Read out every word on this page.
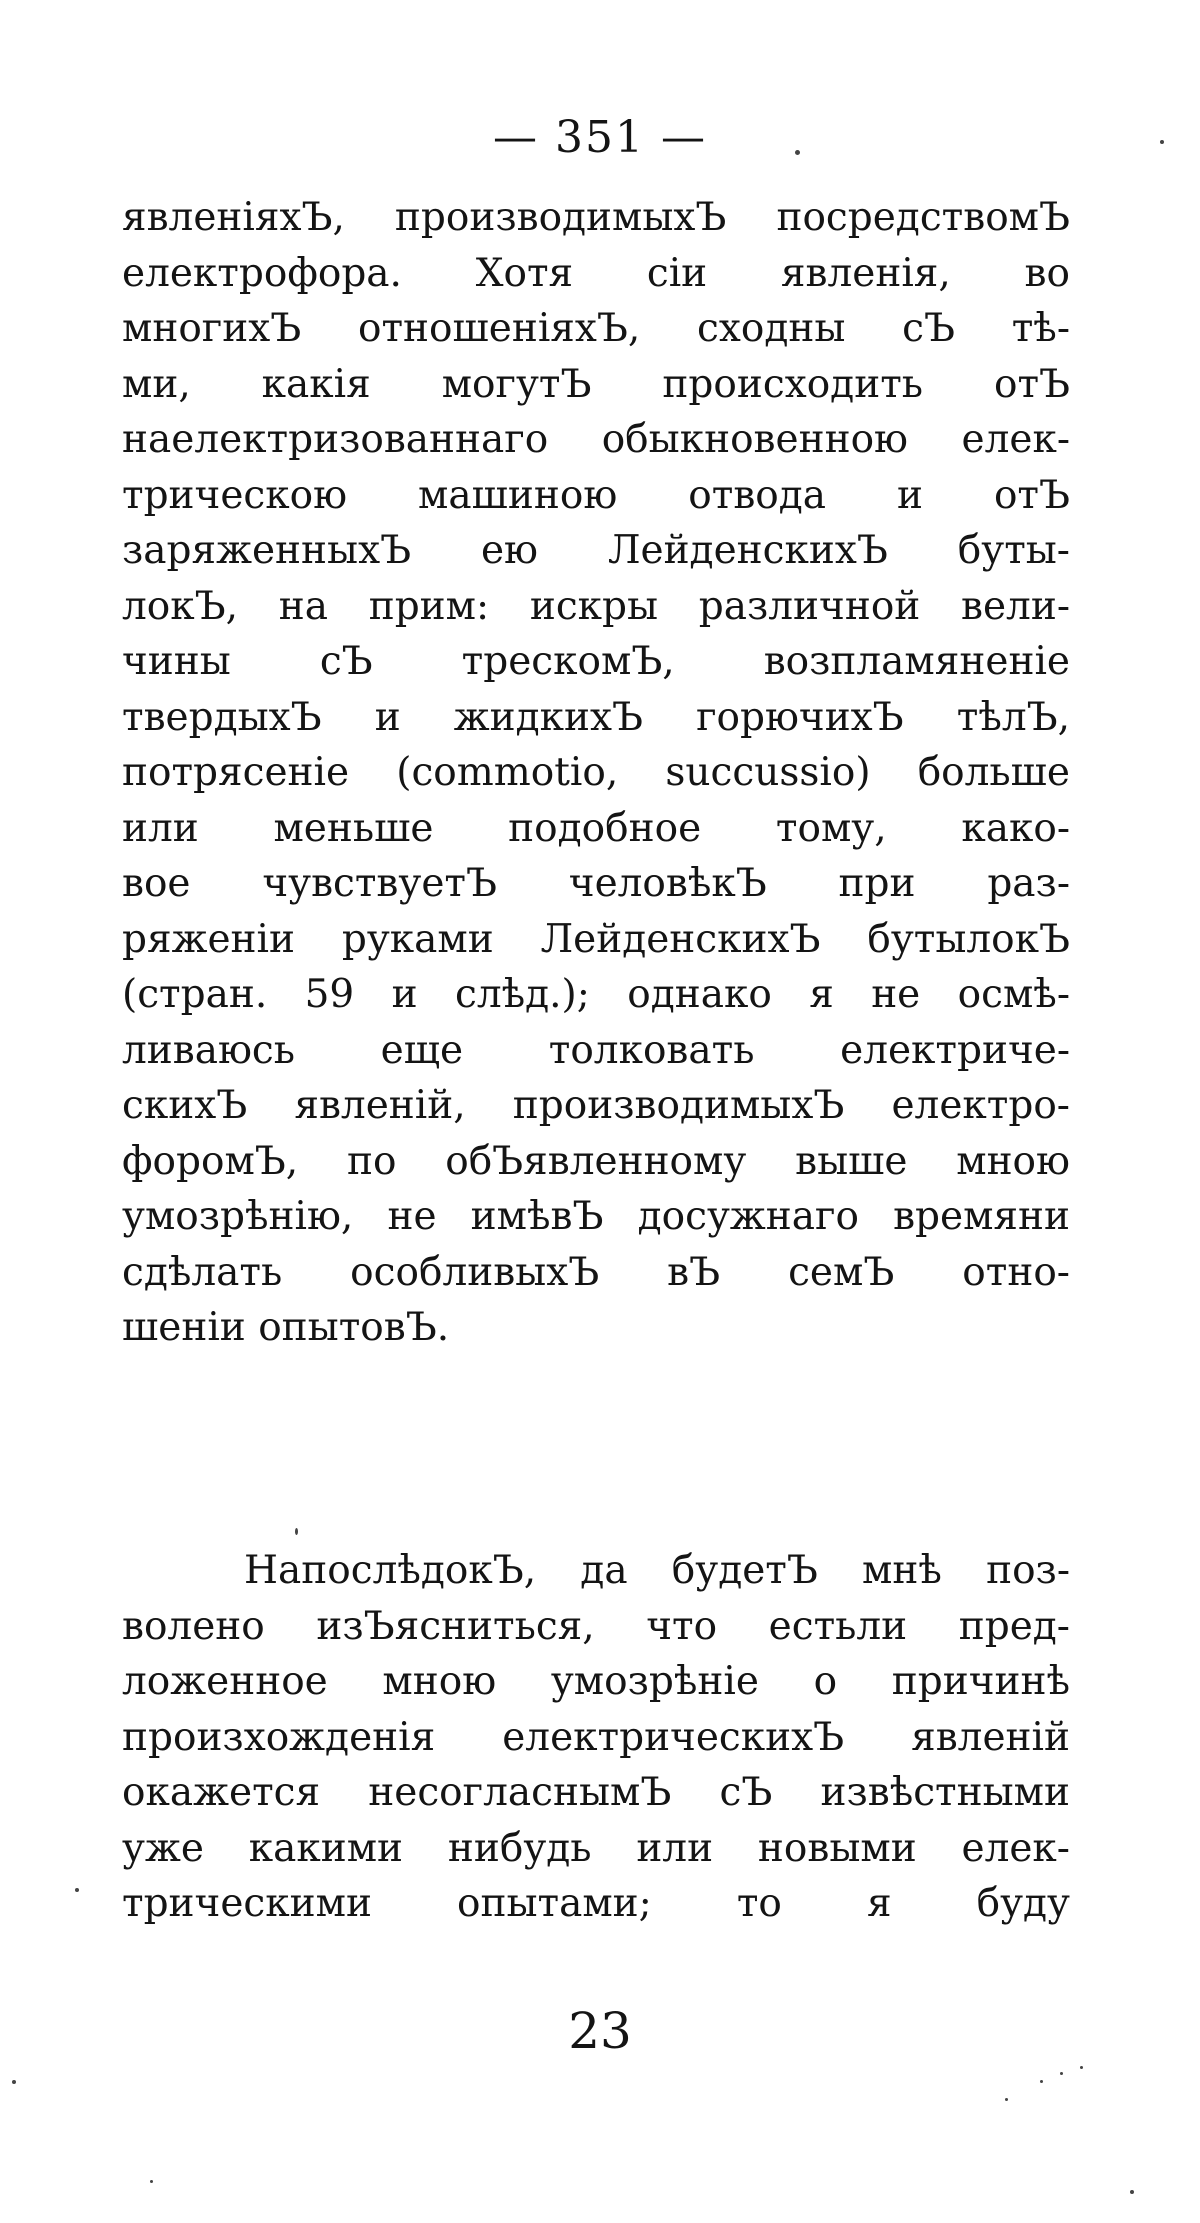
— 351 —
явленіяхЪ, производимыхЪ посредствомЪ
електрофора. Хотя сіи явленія, во
многихЪ отношеніяхЪ, сходны сЪ тѣ-
ми, какія могутЪ происходить отЪ
наелектризованнаго обыкновенною елек-
трическою машиною отвода и отЪ
заряженныхЪ ею ЛейденскихЪ буты-
локЪ, на прим: искры различной вели-
чины сЪ трескомЪ, возпламяненіе
твердыхЪ и жидкихЪ горючихЪ тѣлЪ,
потрясеніе (commotio, succussio) больше
или меньше подобное тому, како-
вое чувствуетЪ человѣкЪ при раз-
ряженіи руками ЛейденскихЪ бутылокЪ
(стран. 59 и слѣд.); однако я не осмѣ-
ливаюсь еще толковать електриче-
скихЪ явленій, производимыхЪ електро-
форомЪ, по обЪявленному выше мною
умозрѣнію, не имѣвЪ досужнаго времяни
сдѣлать особливыхЪ вЪ семЪ отно-
шеніи опытовЪ.
НапослѣдокЪ, да будетЪ мнѣ поз-
волено изЪясниться, что естьли пред-
ложенное мною умозрѣніе о причинѣ
произхожденія електрическихЪ явленій
окажется несогласнымЪ сЪ извѣстными
уже какими нибудь или новыми елек-
трическими опытами; то я буду
23
